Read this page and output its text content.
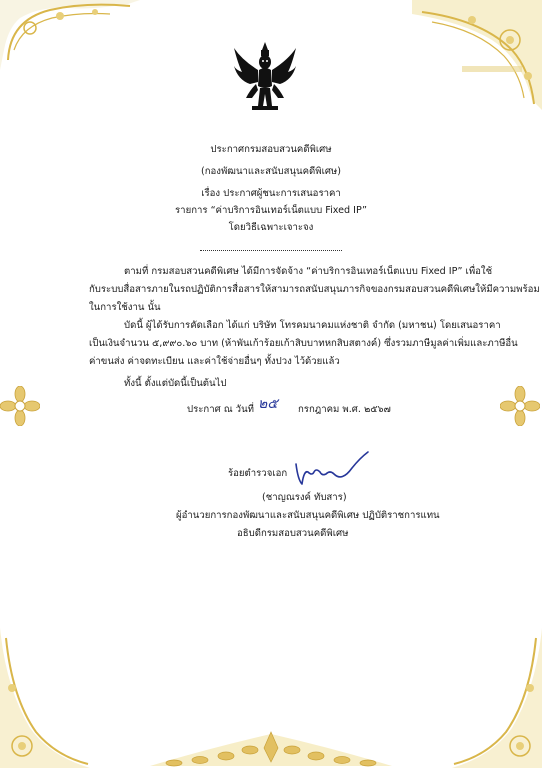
ประกาศกรมสอบสวนคดีพิเศษ
(กองพัฒนาและสนับสนุนคดีพิเศษ)
เรื่อง ประกาศผู้ชนะการเสนอราคา
รายการ “ค่าบริการอินเทอร์เน็ตแบบ Fixed IP”
โดยวิธีเฉพาะเจาะจง
ตามที่ กรมสอบสวนคดีพิเศษ ได้มีการจัดจ้าง “ค่าบริการอินเทอร์เน็ตแบบ Fixed IP” เพื่อใช้
กับระบบสื่อสารภายในรถปฏิบัติการสื่อสารให้สามารถสนับสนุนภารกิจของกรมสอบสวนคดีพิเศษให้มีความพร้อม
ในการใช้งาน นั้น
บัดนี้ ผู้ได้รับการคัดเลือก ได้แก่ บริษัท โทรคมนาคมแห่งชาติ จำกัด (มหาชน) โดยเสนอราคา
เป็นเงินจำนวน ๕,๙๙๐.๖๐ บาท (ห้าพันเก้าร้อยเก้าสิบบาทหกสิบสตางค์) ซึ่งรวมภาษีมูลค่าเพิ่มและภาษีอื่น
ค่าขนส่ง ค่าจดทะเบียน และค่าใช้จ่ายอื่นๆ ทั้งปวง ไว้ด้วยแล้ว
ทั้งนี้ ตั้งแต่บัดนี้เป็นต้นไป
ประกาศ ณ วันที่ ๒๕ กรกฎาคม พ.ศ. ๒๕๖๗
ร้อยตำรวจเอก
(ชาญณรงค์ ทับสาร)
ผู้อำนวยการกองพัฒนาและสนับสนุนคดีพิเศษ ปฏิบัติราชการแทน
อธิบดีกรมสอบสวนคดีพิเศษ
